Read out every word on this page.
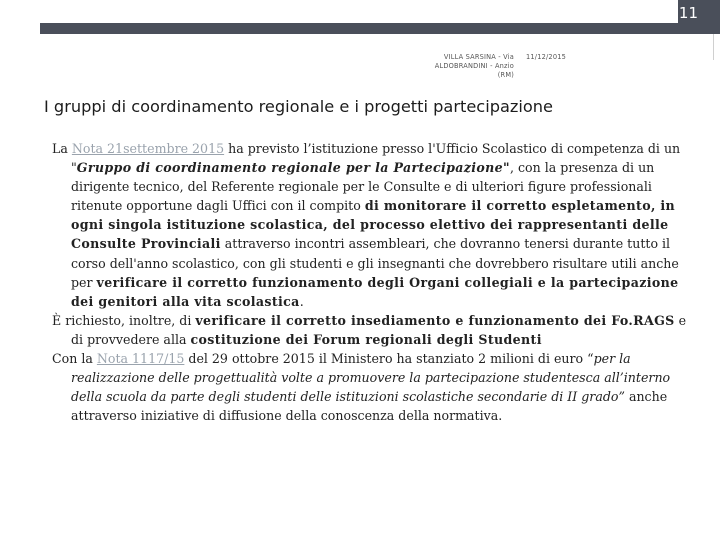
11
VILLA SARSINA - Via ALDOBRANDINI - Anzio (RM)
11/12/2015
I gruppi di coordinamento regionale e i progetti partecipazione

La Nota 21settembre 2015 ha previsto l’istituzione presso l'Ufficio Scolastico di competenza di un "Gruppo di coordinamento regionale per la Partecipazione", con la presenza di un dirigente tecnico, del Referente regionale per le Consulte e di ulteriori figure professionali ritenute opportune dagli Uffici con il compito di monitorare il corretto espletamento, in ogni singola istituzione scolastica, del processo elettivo dei rappresentanti delle Consulte Provinciali attraverso incontri assembleari, che dovranno tenersi durante tutto il corso dell'anno scolastico, con gli studenti e gli insegnanti che dovrebbero risultare utili anche per verificare il corretto funzionamento degli Organi collegiali e la partecipazione dei genitori alla vita scolastica.

È richiesto, inoltre, di verificare il corretto insediamento e funzionamento dei Fo.RAGS e di provvedere alla costituzione dei Forum regionali degli Studenti

Con la Nota 1117/15 del 29 ottobre 2015 il Ministero ha stanziato 2 milioni di euro “per la realizzazione delle progettualità volte a promuovere la partecipazione studentesca all’interno della scuola da parte degli studenti delle istituzioni scolastiche secondarie di II grado” anche attraverso iniziative di diffusione della conoscenza della normativa.
